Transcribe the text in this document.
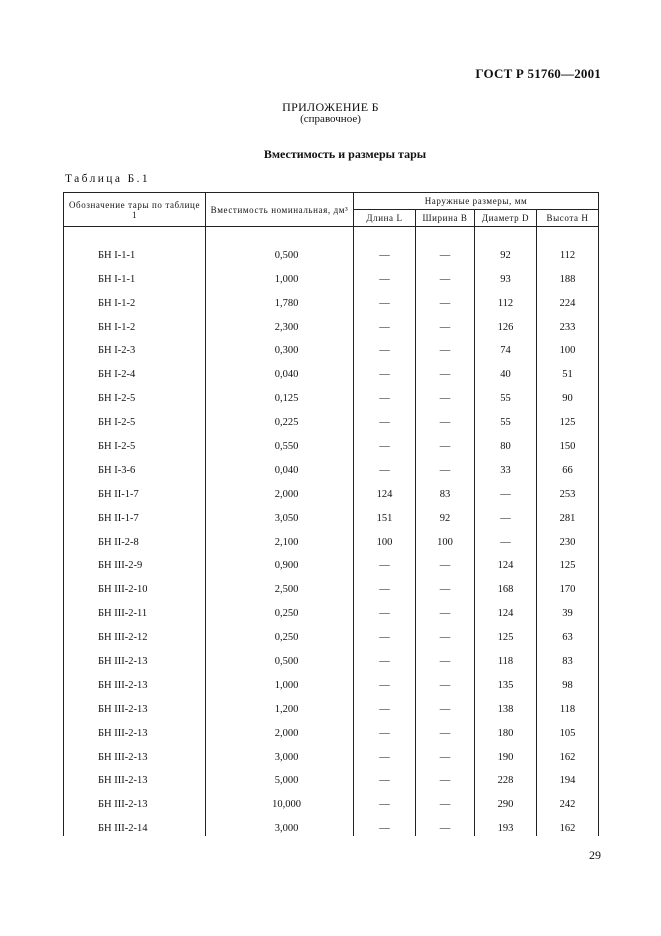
ГОСТ Р 51760—2001
ПРИЛОЖЕНИЕ Б
(справочное)
Вместимость и размеры тары
Таблица Б.1
Обозначение тары по таблице 1	Вместимость номинальная, дм³	Наружные размеры, мм			
		Длина L	Ширина B	Диаметр D	Высота H

БН I-1-1	0,500	—	—	92	112
БН I-1-1	1,000	—	—	93	188
БН I-1-2	1,780	—	—	112	224
БН I-1-2	2,300	—	—	126	233
БН I-2-3	0,300	—	—	74	100
БН I-2-4	0,040	—	—	40	51
БН I-2-5	0,125	—	—	55	90
БН I-2-5	0,225	—	—	55	125
БН I-2-5	0,550	—	—	80	150
БН I-3-6	0,040	—	—	33	66
БН II-1-7	2,000	124	83	—	253
БН II-1-7	3,050	151	92	—	281
БН II-2-8	2,100	100	100	—	230
БН III-2-9	0,900	—	—	124	125
БН III-2-10	2,500	—	—	168	170
БН III-2-11	0,250	—	—	124	39
БН III-2-12	0,250	—	—	125	63
БН III-2-13	0,500	—	—	118	83
БН III-2-13	1,000	—	—	135	98
БН III-2-13	1,200	—	—	138	118
БН III-2-13	2,000	—	—	180	105
БН III-2-13	3,000	—	—	190	162
БН III-2-13	5,000	—	—	228	194
БН III-2-13	10,000	—	—	290	242
БН III-2-14	3,000	—	—	193	162
29
